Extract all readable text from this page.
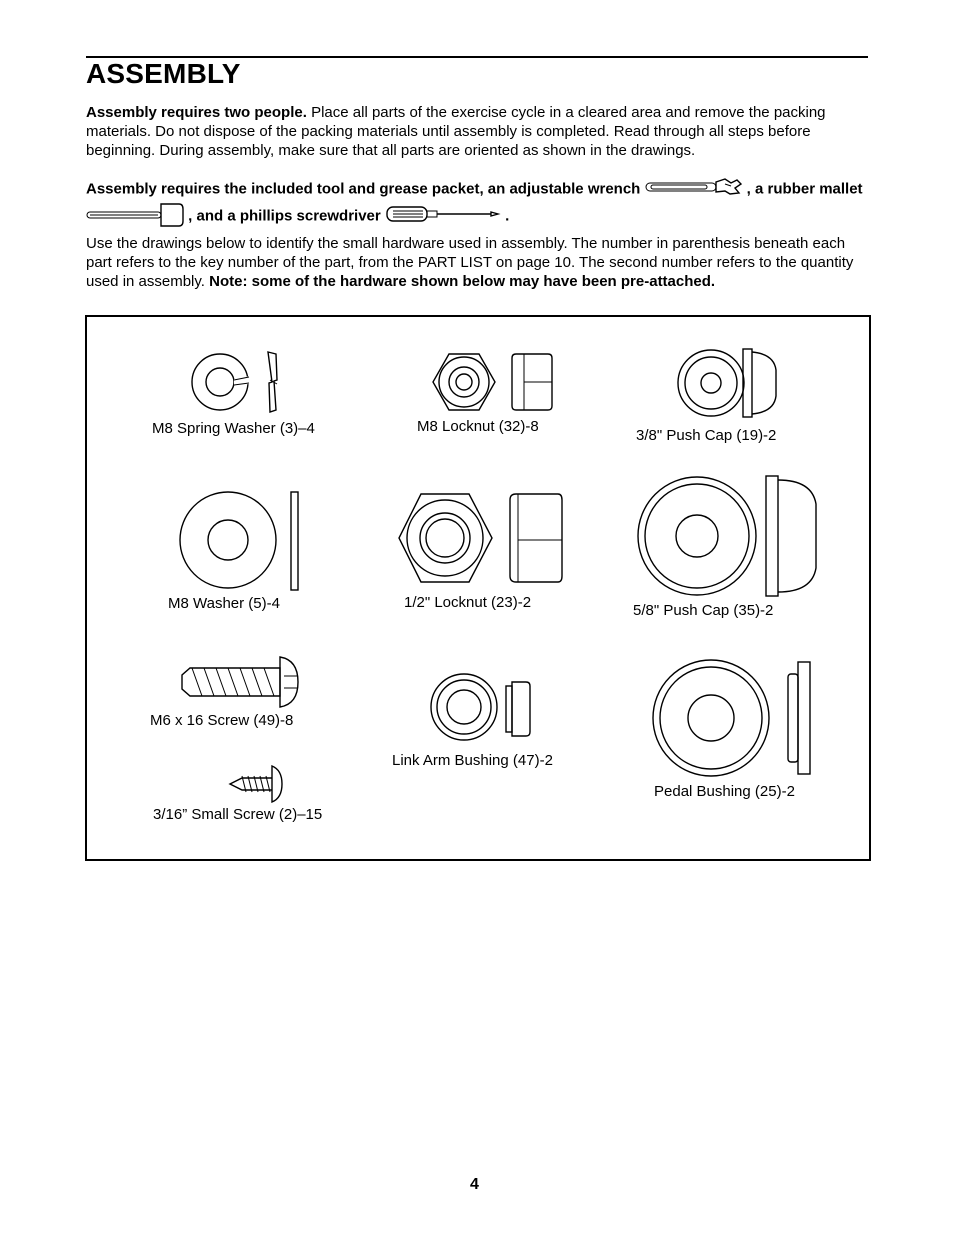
ASSEMBLY
Assembly requires two people. Place all parts of the exercise cycle in a cleared area and remove the packing materials. Do not dispose of the packing materials until assembly is completed. Read through all steps before beginning. During assembly, make sure that all parts are oriented as shown in the drawings.
Assembly requires the included tool and grease packet, an adjustable wrench	, a rubber mallet  , and a phillips screwdriver	.
Use the drawings below to identify the small hardware used in assembly. The number in parenthesis beneath each part refers to the key number of the part, from the PART LIST on page 10. The second number refers to the quantity used in assembly. Note: some of the hardware shown below may have been pre-attached.
M8 Spring Washer (3)–4	M8 Locknut (32)-8
3/8" Push Cap (19)-2
M8 Washer (5)-4	1/2" Locknut (23)-2	5/8" Push Cap (35)-2
M6 x 16 Screw (49)-8
Link Arm Bushing (47)-2
Pedal Bushing (25)-2
3/16” Small Screw (2)–15
4
